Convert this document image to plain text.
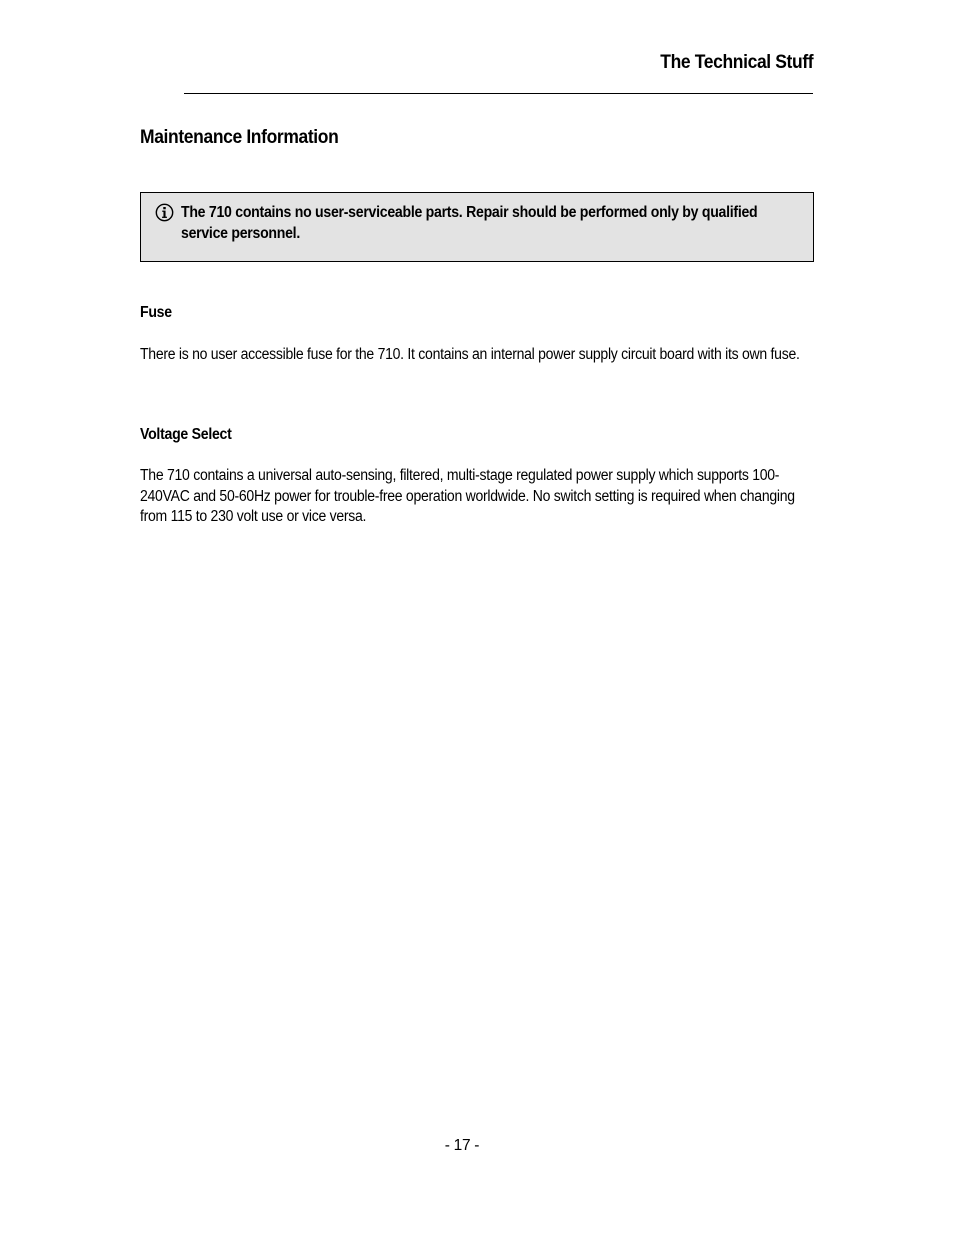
The Technical Stuff
Maintenance Information

The 710 contains no user-serviceable parts. Repair should be performed only by qualified service personnel.

Fuse

There is no user accessible fuse for the 710. It contains an internal power supply circuit board with its own fuse.

Voltage Select

The 710 contains a universal auto-sensing, filtered, multi-stage regulated power supply which supports 100-240VAC and 50-60Hz power for trouble-free operation worldwide. No switch setting is required when changing from 115 to 230 volt use or vice versa.

- 17 -
